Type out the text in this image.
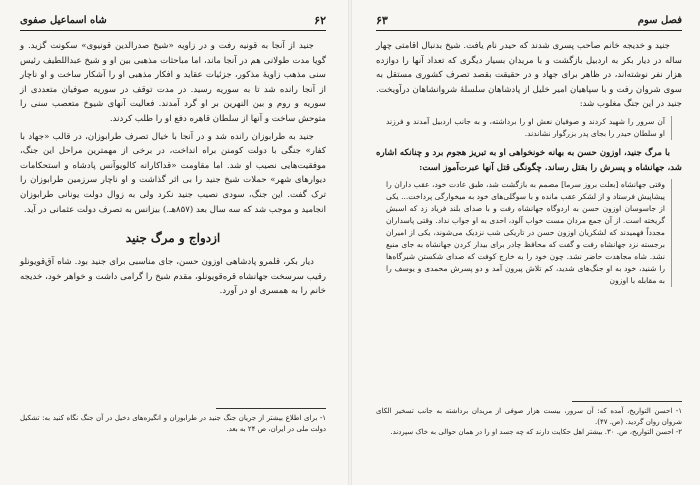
۶۲
شاه اسماعیل صفوی

جنید از آنجا به قونیه رفت و در زاویه «شیخ صدرالدین قونیوی» سکونت گزید. و گویا مدت طولانی هم در آنجا ماند، اما مباحثات مذهبی بین او و شیخ عبداللطیف رئیس سنی مذهب زاویهٔ مذکور، جزئیات عقاید و افکار مذهبی او را آشکار ساخت و او ناچار از آنجا رانده شد تا به سوریه رسید. در مدت توقف در سوریه صوفیان متعددی از سوریه و روم و بین النهرین بر او گرد آمدند. فعالیت آنهای شیوخ متعصب سنی را متوحش ساخت و آنها از سلطان قاهره دفع او را طلب کردند.

جنید به طرابوزان رانده شد و در آنجا با خیال تصرف طرابوزان، در قالب «جهاد با کفار» جنگی با دولت کومنن براه انداخت، در برخی از مهمترین مراحل این جنگ، موفقیت‌هایی نصیب او شد. اما مقاومت «قداکارانه کالویوآنس پادشاه و استحکامات دیوارهای شهر» حملات شیخ جنید را بی اثر گذاشت و او ناچار سرزمین طرابوزان را ترک گفت. این جنگ، سودی نصیب جنید نکرد ولی به زوال دولت یونانی طرابوزان انجامید و موجب شد که سه سال بعد (۸۵۷هـ.) بیزانس به تصرف دولت عثمانی در آید.

ازدواج و مرگ جنید

دیار بکر، قلمرو پادشاهی اوزون حسن، جای مناسبی برای جنید بود. شاه آق‌قویونلو رقیب سرسخت جهانشاه قره‌قویونلو، مقدم شیخ را گرامی داشت و خواهر خود، خدیجه خانم را به همسری او در آورد.

۱- برای اطلاع بیشتر از جریان جنگ جنید در طرابوزان و انگیزه‌های دخیل در آن جنگ نگاه کنید به: تشکیل دولت ملی در ایران، ص ۲۴ به بعد.

فصل سوم
۶۳

جنید و خدیجه خانم صاحب پسری شدند که حیدر نام یافت. شیخ بدنبال اقامتی چهار ساله در دیار بکر به اردبیل بازگشت و با مریدان بسیار دیگری که تعداد آنها را دوازده هزار نفر نوشته‌اند، در ظاهر برای جهاد و در حقیقت بقصد تصرف کشوری مستقل به سوی شروان رفت و با سپاهیان امیر خلیل از پادشاهان سلسلهٔ شروانشاهان درآویخت. جنید در این جنگ مغلوب شد:

آن سرور را شهید کردند و صوفیان نعش او را برداشته، و به جانب اردبیل آمدند و فرزند او سلطان حیدر را بجای پدر بزرگوار نشاندند.

با مرگ جنید، اوزون حسن به بهانه خونخواهی او به تبریز هجوم برد و چنانکه اشاره شد، جهانشاه و پسرش را بقتل رساند. چگونگی قتل آنها عبرت‌آموز است:

وقتی جهانشاه [بعلت بروز سرما] مصمم به بازگشت شد، طبق عادت خود، عقب داران را پیشاپیش فرستاد و از لشکر عقب مانده و با سوگلی‌های خود به میخوارگی پرداخت... یکی از جاسوسان اوزون حسن به اردوگاه جهانشاه رفت و با صدای بلند فریاد زد که اسبش گریخته است. از آن جمع مردان مست خواب آلود، احدی به او جواب نداد. وقتی پاسداران مجدداً فهمیدند که لشکریان اوزون حسن در تاریکی شب نزدیک می‌شوند، یکی از امیران برجسته نزد جهانشاه رفت و گفت که محافظ چادر برای بیدار کردن جهانشاه به جای منبع نشد. شاه مجاهدت حاضر نشد. چون خود را به خارج کوفت که صدای شکستن شیرگاه‌ها را شنید، خود به او جنگ‌های شدید، کم تلاش پیرون آمد و دو پسرش محمدی و یوسف را به مقابله با اوزون

۱- احسن التواریخ، آمده که: آن سرور، بیست هزار صوفی از مریدان برداشته به جانب تسخیر الکای شروان روان گردید. (ص. ۴۷).

۲- احسن التواریخ، ص. ۳۰. بیشتر اهل حکایت دارند که چه جسد او را در همان حوالی به خاک سپردند.
